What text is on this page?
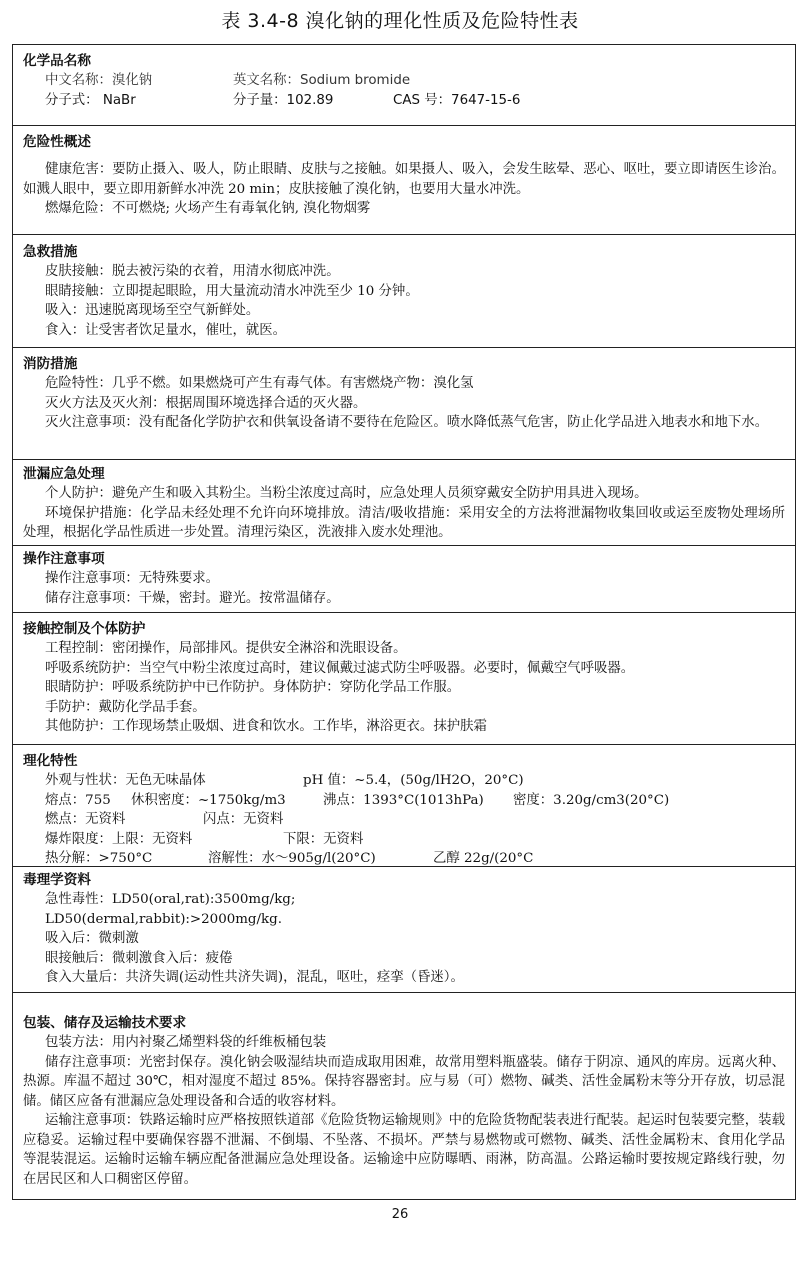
表 3.4-8 溴化钠的理化性质及危险特性表
化学品名称
中文名称：溴化钠	英文名称：Sodium bromide
分子式： NaBr	分子量：102.89	CAS 号：7647-15-6
危险性概述
健康危害：要防止摄入、吸人，防止眼睛、皮肤与之接触。如果摄人、吸入，会发生眩晕、恶心、呕吐，要立即请医生诊治。如溅人眼中，要立即用新鲜水冲洗 20 min；皮肤接触了溴化钠，也要用大量水冲洗。
燃爆危险：不可燃烧; 火场产生有毒氧化钠, 溴化物烟雾
急救措施
皮肤接触：脱去被污染的衣着，用清水彻底冲洗。
眼睛接触：立即提起眼睑，用大量流动清水冲洗至少 10 分钟。
吸入：迅速脱离现场至空气新鲜处。
食入：让受害者饮足量水，催吐，就医。
消防措施
危险特性：几乎不燃。如果燃烧可产生有毒气体。有害燃烧产物：溴化氢
灭火方法及灭火剂：根据周围环境选择合适的灭火器。
灭火注意事项：没有配备化学防护衣和供氧设备请不要待在危险区。喷水降低蒸气危害，防止化学品进入地表水和地下水。
泄漏应急处理
个人防护：避免产生和吸入其粉尘。当粉尘浓度过高时，应急处理人员须穿戴安全防护用具进入现场。
环境保护措施：化学品未经处理不允许向环境排放。清洁/吸收措施：采用安全的方法将泄漏物收集回收或运至废物处理场所处理，根据化学品性质进一步处置。清理污染区，洗液排入废水处理池。
操作注意事项
操作注意事项：无特殊要求。
储存注意事项：干燥，密封。避光。按常温储存。
接触控制及个体防护
工程控制：密闭操作，局部排风。提供安全淋浴和洗眼设备。
呼吸系统防护：当空气中粉尘浓度过高时，建议佩戴过滤式防尘呼吸器。必要时，佩戴空气呼吸器。
眼睛防护：呼吸系统防护中已作防护。身体防护：穿防化学品工作服。
手防护：戴防化学品手套。
其他防护：工作现场禁止吸烟、进食和饮水。工作毕，淋浴更衣。抹护肤霜
理化特性
外观与性状：无色无味晶体	pH 值：~5.4，(50g/lH2O，20°C)
熔点：755 休积密度：~1750kg/m3	沸点：1393°C(1013hPa) 密度：3.20g/cm3(20°C)
燃点：无资料	闪点：无资料
爆炸限度：上限：无资料	下限：无资料
热分解：>750°C	溶解性：水～905g/l(20°C)	乙醇 22g/(20°C
毒理学资料
急性毒性：LD50(oral,rat):3500mg/kg;
LD50(dermal,rabbit):>2000mg/kg.
吸入后：微刺激
眼接触后：微刺激食入后：疲倦
食入大量后：共济失调(运动性共济失调)，混乱，呕吐，痉挛（昏迷）。
包装、储存及运输技术要求
包装方法：用内衬聚乙烯塑料袋的纤维板桶包装
储存注意事项：光密封保存。溴化钠会吸湿结块而造成取用困难，故常用塑料瓶盛装。储存于阴凉、通风的库房。远离火种、热源。库温不超过 30℃，相对湿度不超过 85%。保持容器密封。应与易（可）燃物、碱类、活性金属粉末等分开存放，切忌混储。储区应备有泄漏应急处理设备和合适的收容材料。
运输注意事项：铁路运输时应严格按照铁道部《危险货物运输规则》中的危险货物配装表进行配装。起运时包装要完整，装载应稳妥。运输过程中要确保容器不泄漏、不倒塌、不坠落、不损坏。严禁与易燃物或可燃物、碱类、活性金属粉末、食用化学品等混装混运。运输时运输车辆应配备泄漏应急处理设备。运输途中应防曝晒、雨淋，防高温。公路运输时要按规定路线行驶，勿在居民区和人口稠密区停留。
26
